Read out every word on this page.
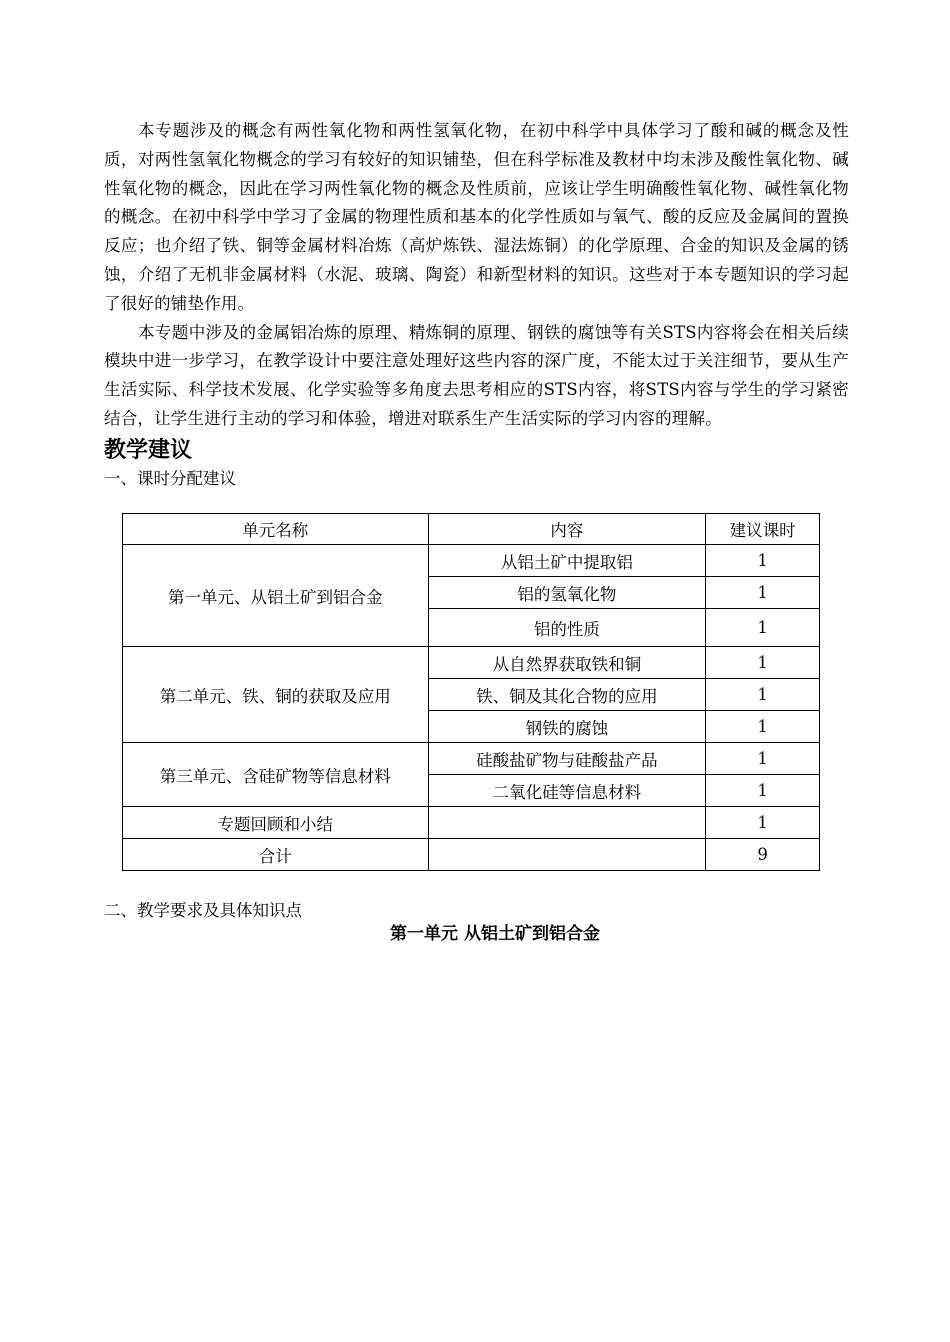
本专题涉及的概念有两性氧化物和两性氢氧化物，在初中科学中具体学习了酸和碱的概念及性质，对两性氢氧化物概念的学习有较好的知识铺垫，但在科学标准及教材中均未涉及酸性氧化物、碱性氧化物的概念，因此在学习两性氧化物的概念及性质前，应该让学生明确酸性氧化物、碱性氧化物的概念。在初中科学中学习了金属的物理性质和基本的化学性质如与氧气、酸的反应及金属间的置换反应；也介绍了铁、铜等金属材料冶炼（高炉炼铁、湿法炼铜）的化学原理、合金的知识及金属的锈蚀，介绍了无机非金属材料（水泥、玻璃、陶瓷）和新型材料的知识。这些对于本专题知识的学习起了很好的铺垫作用。

本专题中涉及的金属铝冶炼的原理、精炼铜的原理、钢铁的腐蚀等有关STS内容将会在相关后续模块中进一步学习，在教学设计中要注意处理好这些内容的深广度，不能太过于关注细节，要从生产生活实际、科学技术发展、化学实验等多角度去思考相应的STS内容，将STS内容与学生的学习紧密结合，让学生进行主动的学习和体验，增进对联系生产生活实际的学习内容的理解。

教学建议
一、课时分配建议
单元名称	内容	建议课时
第一单元、从铝土矿到铝合金	从铝土矿中提取铝	1
	铝的氢氧化物	1
	铝的性质	1
第二单元、铁、铜的获取及应用	从自然界获取铁和铜	1
	铁、铜及其化合物的应用	1
	钢铁的腐蚀	1
第三单元、含硅矿物等信息材料	硅酸盐矿物与硅酸盐产品	1
	二氧化硅等信息材料	1
专题回顾和小结		1
合计		9
二、教学要求及具体知识点
第一单元 从铝土矿到铝合金
